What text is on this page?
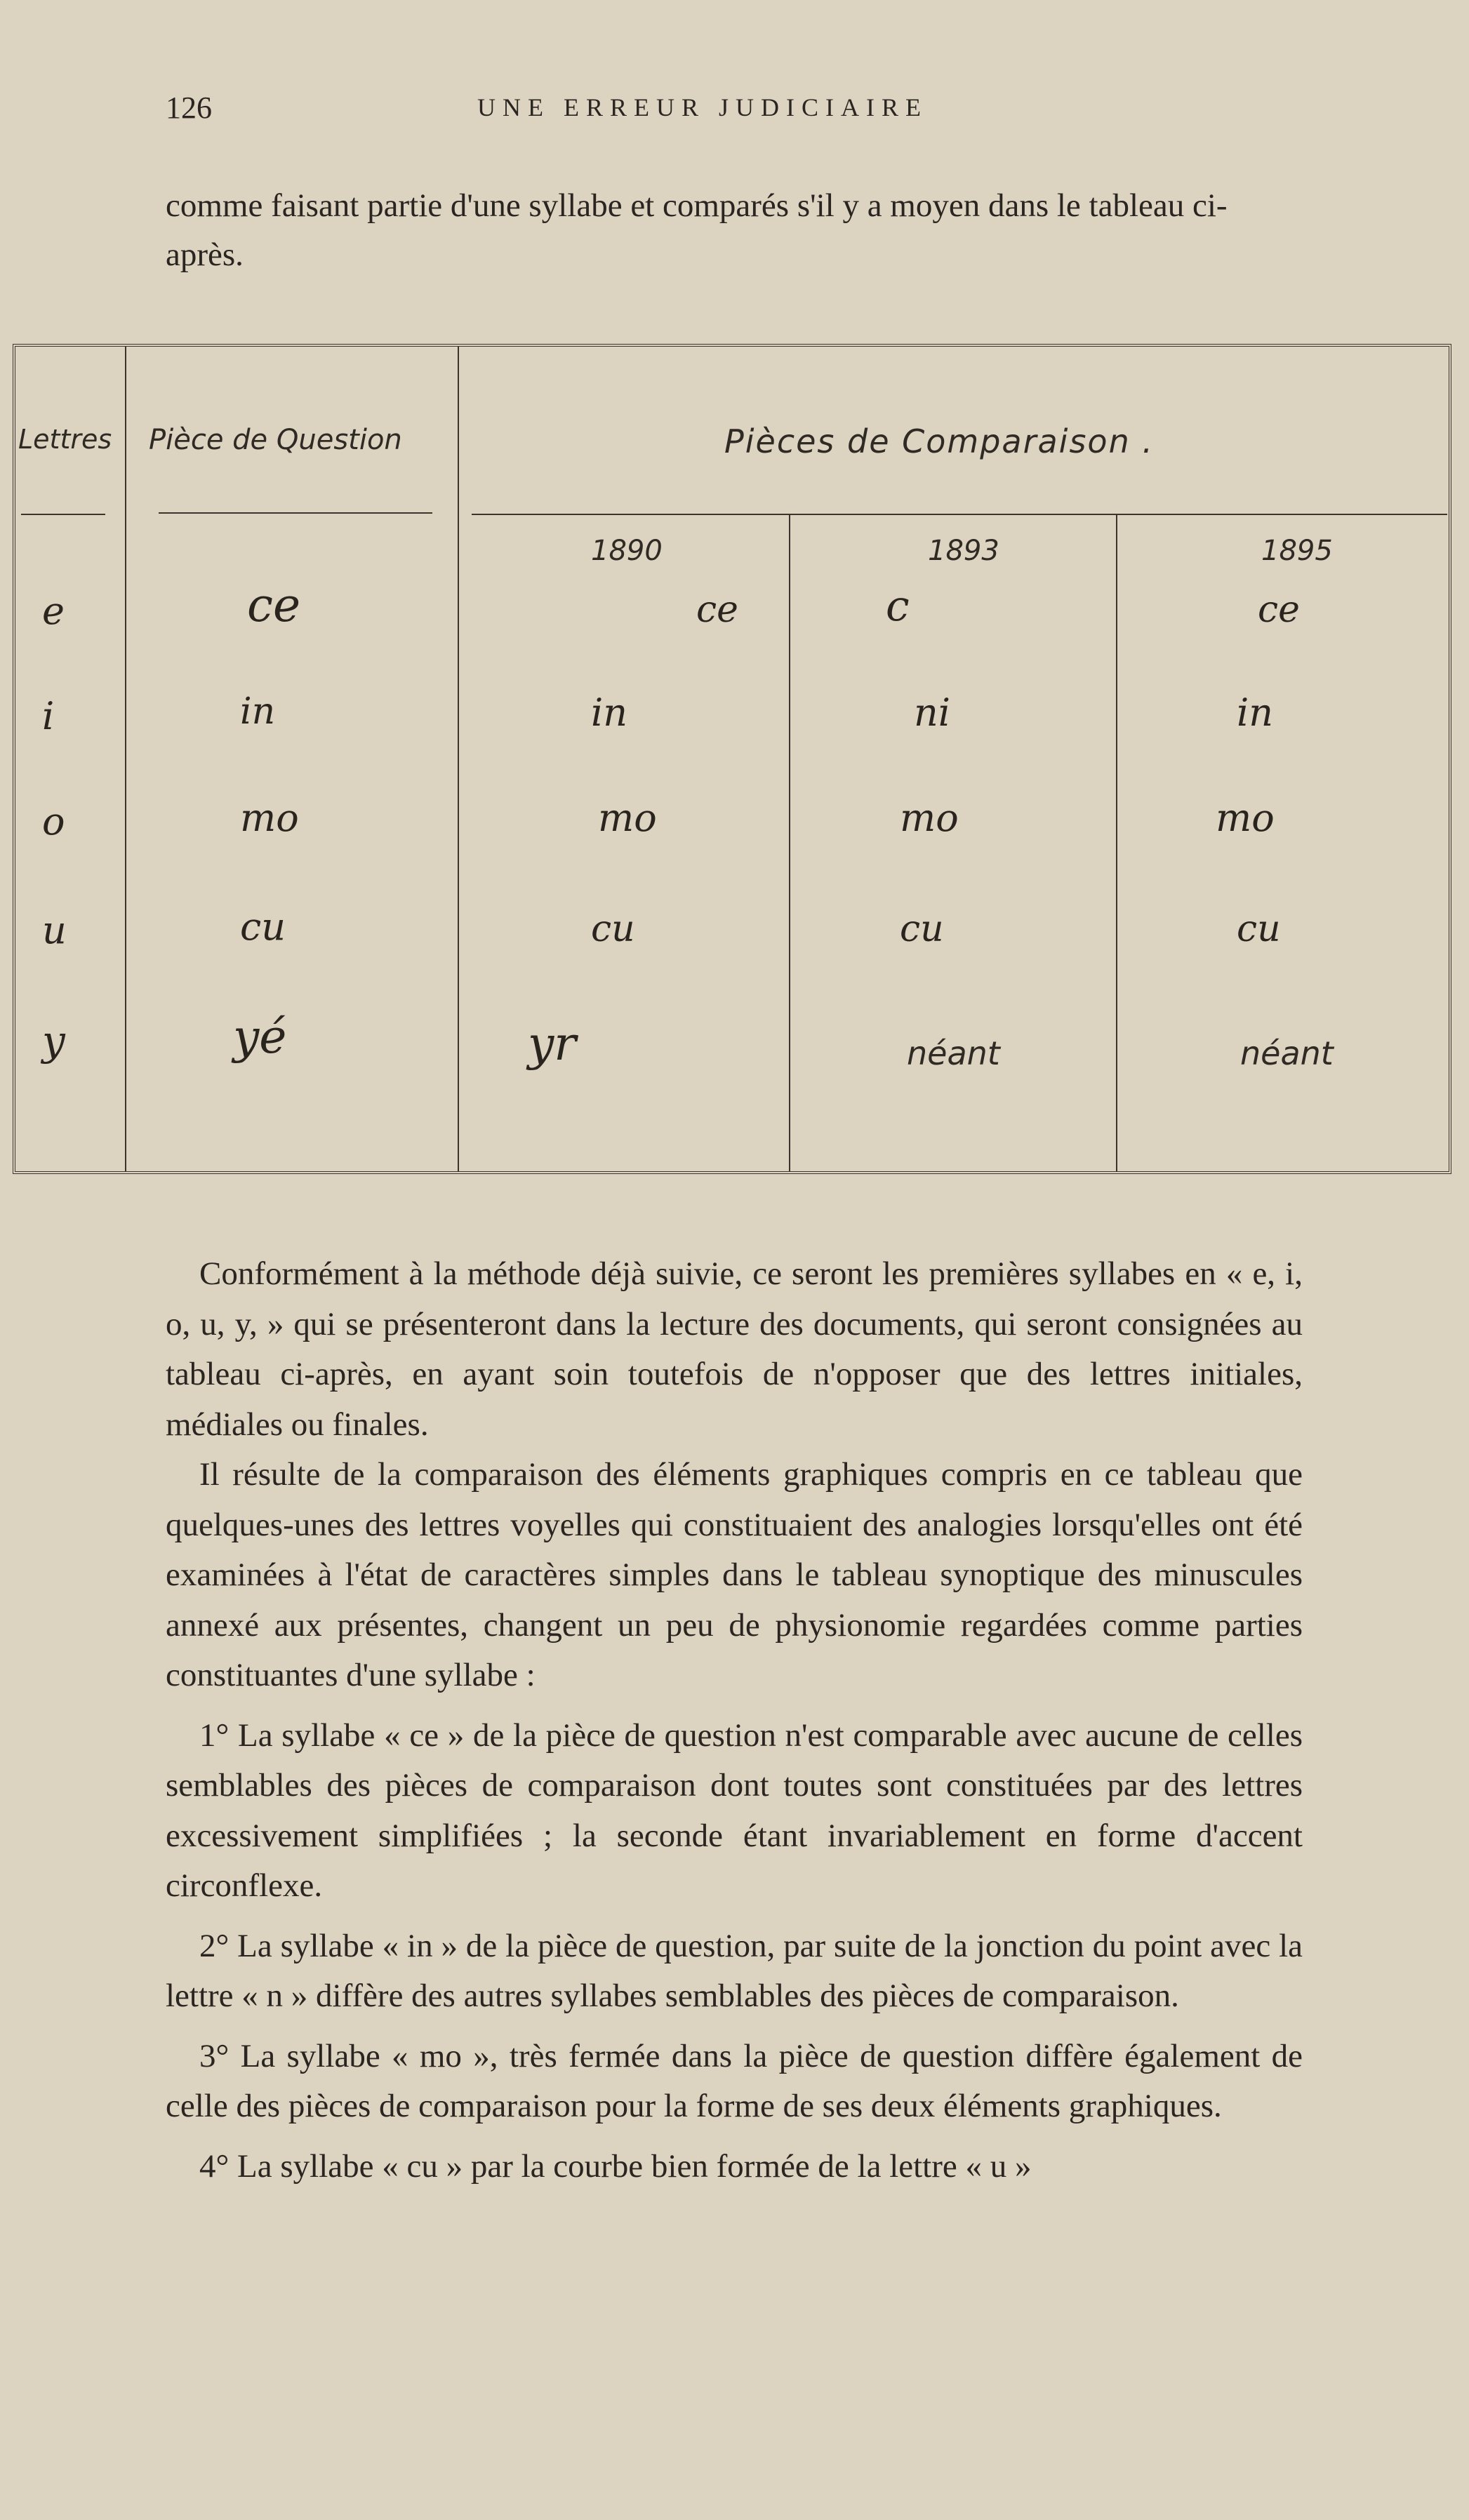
126	UNE ERREUR JUDICIAIRE
comme faisant partie d'une syllabe et comparés s'il y a moyen dans le tableau ci-après.
Lettres Pièce de Question	Pièces de Comparaison .
1890	1893	1895
e	ce	ce	c	ce
i	in	in	ni	in
o	mo	mo	mo	mo
u	cu	cu	cu	cu
y	yé	yr	néant	néant

Conformément à la méthode déjà suivie, ce seront les premières syllabes en « e, i, o, u, y, » qui se présenteront dans la lecture des documents, qui seront consignées au tableau ci-après, en ayant soin toutefois de n'opposer que des lettres initiales, médiales ou finales.

Il résulte de la comparaison des éléments graphiques compris en ce tableau que quelques-unes des lettres voyelles qui constituaient des analogies lorsqu'elles ont été examinées à l'état de caractères simples dans le tableau synoptique des minuscules annexé aux présentes, changent un peu de physionomie regardées comme parties constituantes d'une syllabe :

1° La syllabe « ce » de la pièce de question n'est comparable avec aucune de celles semblables des pièces de comparaison dont toutes sont constituées par des lettres excessivement simplifiées ; la seconde étant invariablement en forme d'accent circonflexe.

2° La syllabe « in » de la pièce de question, par suite de la jonction du point avec la lettre « n » diffère des autres syllabes semblables des pièces de comparaison.

3° La syllabe « mo », très fermée dans la pièce de question diffère également de celle des pièces de comparaison pour la forme de ses deux éléments graphiques.

4° La syllabe « cu » par la courbe bien formée de la lettre « u »
